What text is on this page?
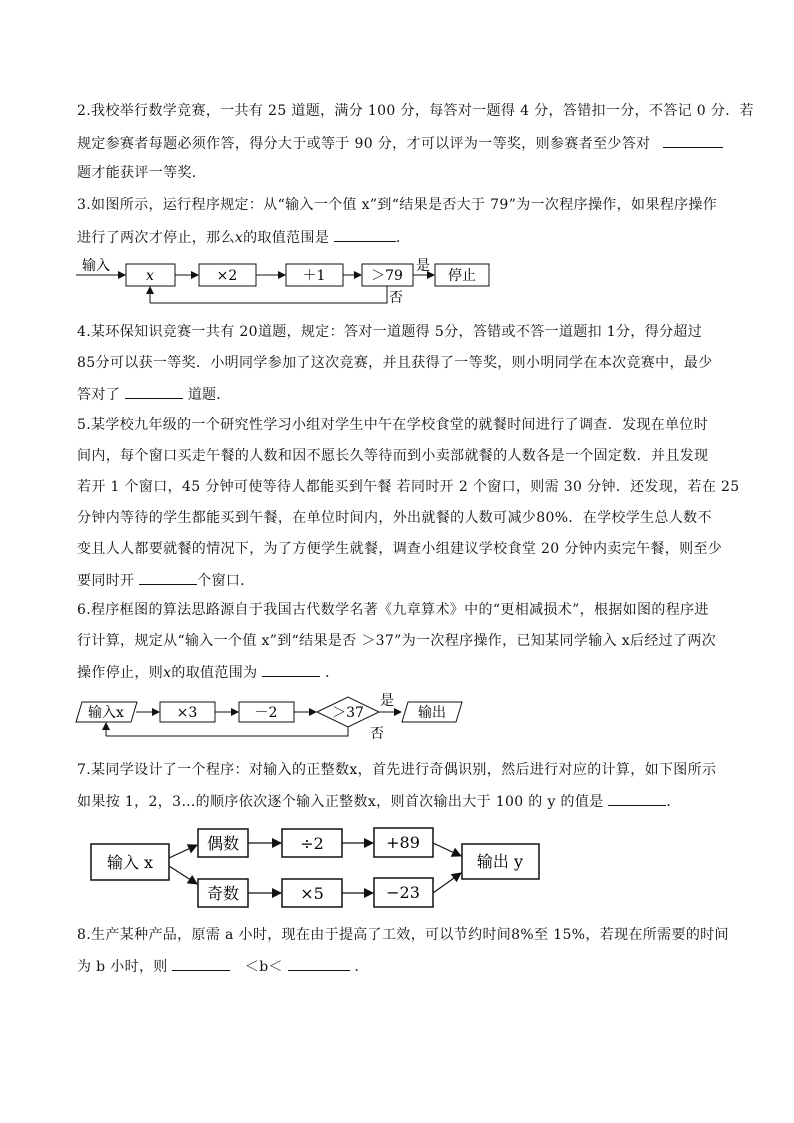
2.我校举行数学竞赛，一共有 25 道题，满分 100 分，每答对一题得 4 分，答错扣一分，不答记 0 分．若
规定参赛者每题必须作答，得分大于或等于 90 分，才可以评为一等奖，则参赛者至少答对
题才能获评一等奖．
3.如图所示，运行程序规定：从“输入一个值 x”到“结果是否大于 79”为一次程序操作，如果程序操作
进行了两次才停止，那么x的取值范围是	．
输入
x	×2	＋1	＞79
是
停止
否
4.某环保知识竞赛一共有 20道题，规定：答对一道题得 5分，答错或不答一道题扣 1分，得分超过
85分可以获一等奖．小明同学参加了这次竞赛，并且获得了一等奖，则小明同学在本次竞赛中，最少
答对了	道题．
5.某学校九年级的一个研究性学习小组对学生中午在学校食堂的就餐时间进行了调查．发现在单位时
间内，每个窗口买走午餐的人数和因不愿长久等待而到小卖部就餐的人数各是一个固定数．并且发现
若开 1 个窗口，45 分钟可使等待人都能买到午餐 若同时开 2 个窗口，则需 30 分钟．还发现，若在 25
分钟内等待的学生都能买到午餐，在单位时间内，外出就餐的人数可减少80%．在学校学生总人数不
变且人人都要就餐的情况下，为了方便学生就餐，调查小组建议学校食堂 20 分钟内卖完午餐，则至少
要同时开	个窗口．
6.程序框图的算法思路源自于我国古代数学名著《九章算术》中的“更相减损术”，根据如图的程序进
行计算，规定从“输入一个值 x”到“结果是否 ＞37”为一次程序操作，已知某同学输入 x后经过了两次
操作停止，则x的取值范围为	．
输入x	×3	－2	＞37
是
输出
否
7.某同学设计了一个程序：对输入的正整数x，首先进行奇偶识别，然后进行对应的计算，如下图所示
如果按 1，2，3…的顺序依次逐个输入正整数x，则首次输出大于 100 的 y 的值是	．
输入 x
偶数
奇数
÷2
×5
+89
−23
输出 y
8.生产某种产品，原需 a 小时，现在由于提高了工效，可以节约时间8%至 15%，若现在所需要的时间
为 b 小时，则	＜b＜	．
